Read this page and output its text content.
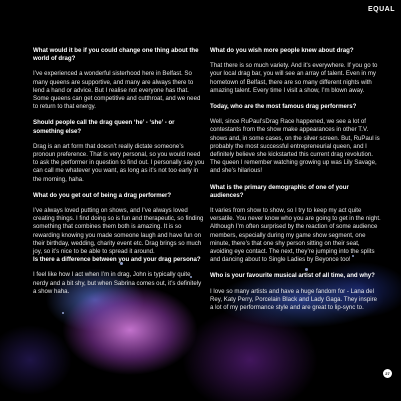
EQUAL

What would it be if you could change one thing about the world of drag?

I’ve experienced a wonderful sisterhood here in Belfast. So many queens are supportive, and many are always there to lend a hand or advice. But I realise not everyone has that. Some queens can get competitive and cutthroat, and we need to return to that energy.

Should people call the drag queen ‘he’ - ‘she’ - or something else?

Drag is an art form that doesn’t really dictate someone’s pronoun preference. That is very personal, so you would need to ask the performer in question to find out. I personally say you can call me whatever you want, as long as it’s not too early in the morning, haha.

What do you get out of being a drag performer?

I’ve always loved putting on shows, and I’ve always loved creating things. I find doing so is fun and therapeutic, so finding something that combines them both is amazing. It is so rewarding knowing you made someone laugh and have fun on their birthday, wedding, charity event etc. Drag brings so much joy, so it’s nice to be able to spread it around.

Is there a difference between you and your drag persona?

I feel like how I act when I’m in drag, John is typically quite nerdy and a bit shy, but when Sabrina comes out, it’s definitely a show haha.

What do you wish more people knew about drag?

That there is so much variety. And it’s everywhere. If you go to your local drag bar, you will see an array of talent. Even in my hometown of Belfast, there are so many different nights with amazing talent. Every time I visit a show, I’m blown away.

Today, who are the most famous drag performers?

Well, since RuPaul’sDrag Race happened, we see a lot of contestants from the show make appearances in other T.V. shows and, in some cases, on the silver screen. But, RuPaul is probably the most successful entrepreneurial queen, and I definitely believe she kickstarted this current drag revolution. The queen I remember watching growing up was Lily Savage, and she’s hilarious!

What is the primary demographic of one of your audiences?

It varies from show to show, so I try to keep my act quite versatile. You never know who you are going to get in the night. Although I’m often surprised by the reaction of some audience members, especially during my game show segment, one minute, there’s that one shy person sitting on their seat, avoiding eye contact. The next, they’re jumping into the splits and dancing about to Single Ladies by Beyonce too!

Who is your favourite musical artist of all time, and why?

I love so many artists and have a huge fandom for - Lana del Rey, Katy Perry, Porcelain Black and Lady Gaga. They inspire a lot of my performance style and are great to lip-sync to.

27
